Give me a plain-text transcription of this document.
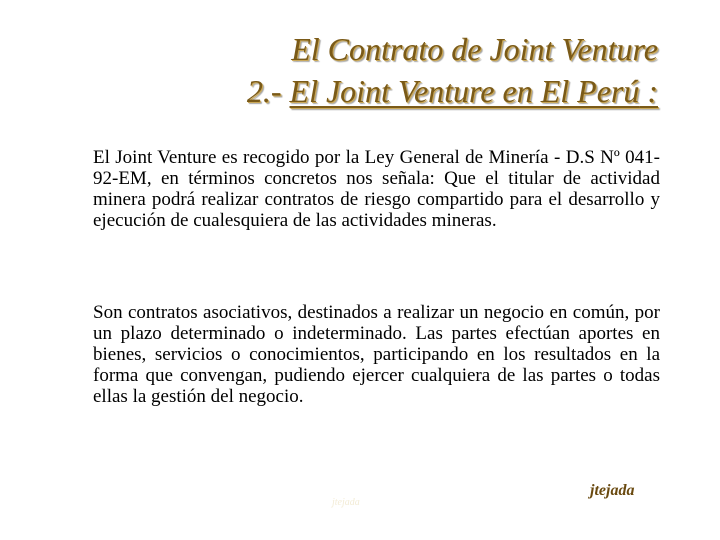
El Contrato de Joint Venture
2.- El Joint Venture en El Perú :

El Joint Venture es recogido por la Ley General de Minería - D.S Nº 041-92-EM, en términos concretos nos señala: Que el titular de actividad minera podrá realizar contratos de riesgo compartido para el desarrollo y ejecución de cualesquiera de las actividades mineras.

Son contratos asociativos, destinados a realizar un negocio en común, por un plazo determinado o indeterminado. Las partes efectúan aportes en bienes, servicios o conocimientos, participando en los resultados en la forma que convengan, pudiendo ejercer cualquiera de las partes o todas ellas la gestión del negocio.

jtejada
jtejada
